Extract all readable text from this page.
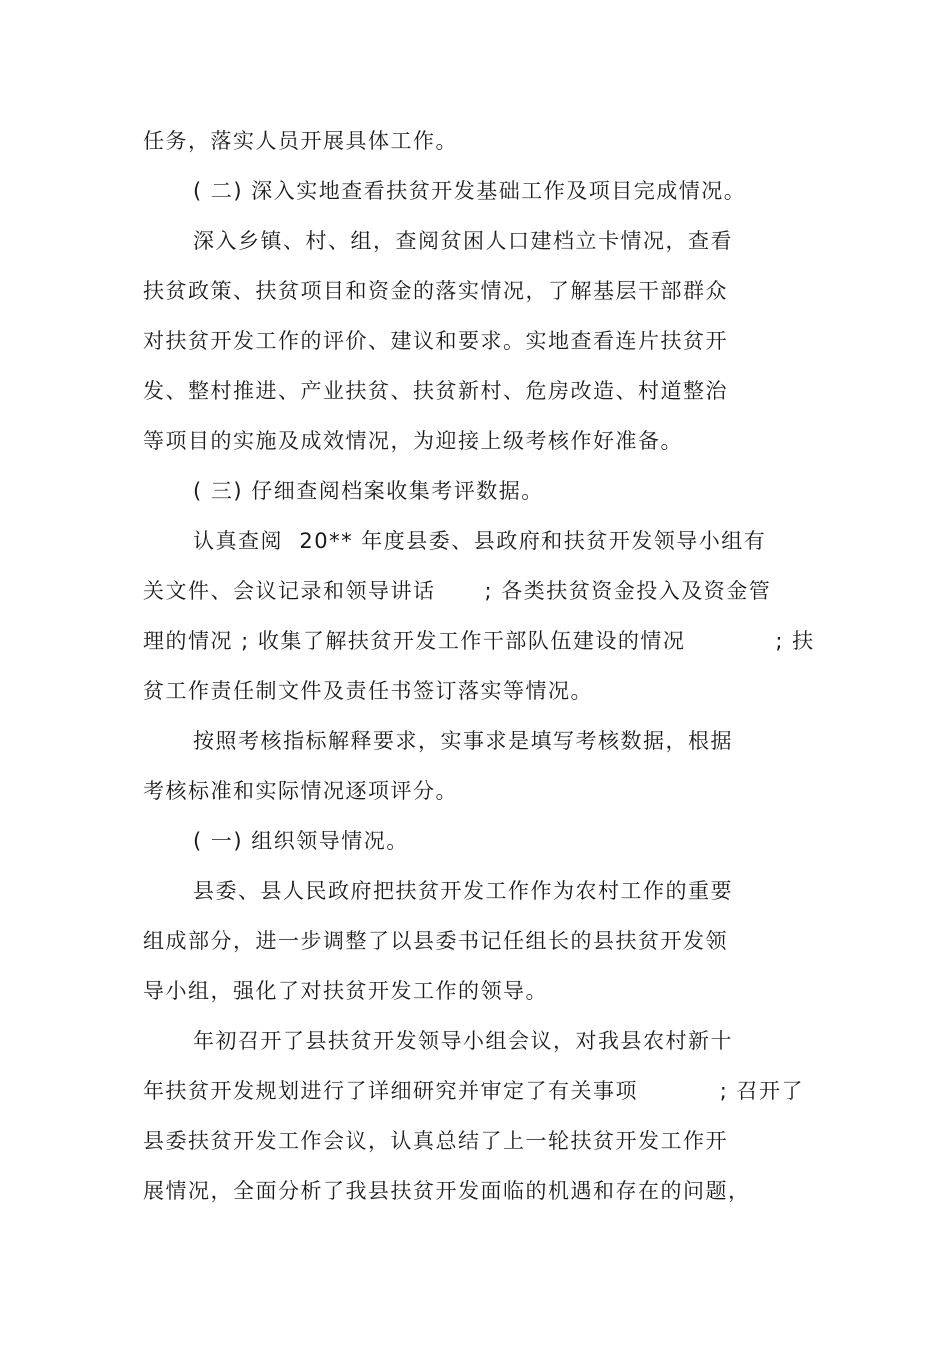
任务，落实人员开展具体工作。
( 二) 深入实地查看扶贫开发基础工作及项目完成情况。
深入乡镇、村、组，查阅贫困人口建档立卡情况，查看
扶贫政策、扶贫项目和资金的落实情况，了解基层干部群众
对扶贫开发工作的评价、建议和要求。实地查看连片扶贫开
发、整村推进、产业扶贫、扶贫新村、危房改造、村道整治
等项目的实施及成效情况，为迎接上级考核作好准备。
( 三) 仔细查阅档案收集考评数据。
认真查阅  20** 年度县委、县政府和扶贫开发领导小组有
关文件、会议记录和领导讲话      ; 各类扶贫资金投入及资金管
理的情况 ; 收集了解扶贫开发工作干部队伍建设的情况           ; 扶
贫工作责任制文件及责任书签订落实等情况。
按照考核指标解释要求，实事求是填写考核数据，根据
考核标准和实际情况逐项评分。
( 一) 组织领导情况。
县委、县人民政府把扶贫开发工作作为农村工作的重要
组成部分，进一步调整了以县委书记任组长的县扶贫开发领
导小组，强化了对扶贫开发工作的领导。
年初召开了县扶贫开发领导小组会议，对我县农村新十
年扶贫开发规划进行了详细研究并审定了有关事项          ; 召开了
县委扶贫开发工作会议，认真总结了上一轮扶贫开发工作开
展情况，全面分析了我县扶贫开发面临的机遇和存在的问题，
